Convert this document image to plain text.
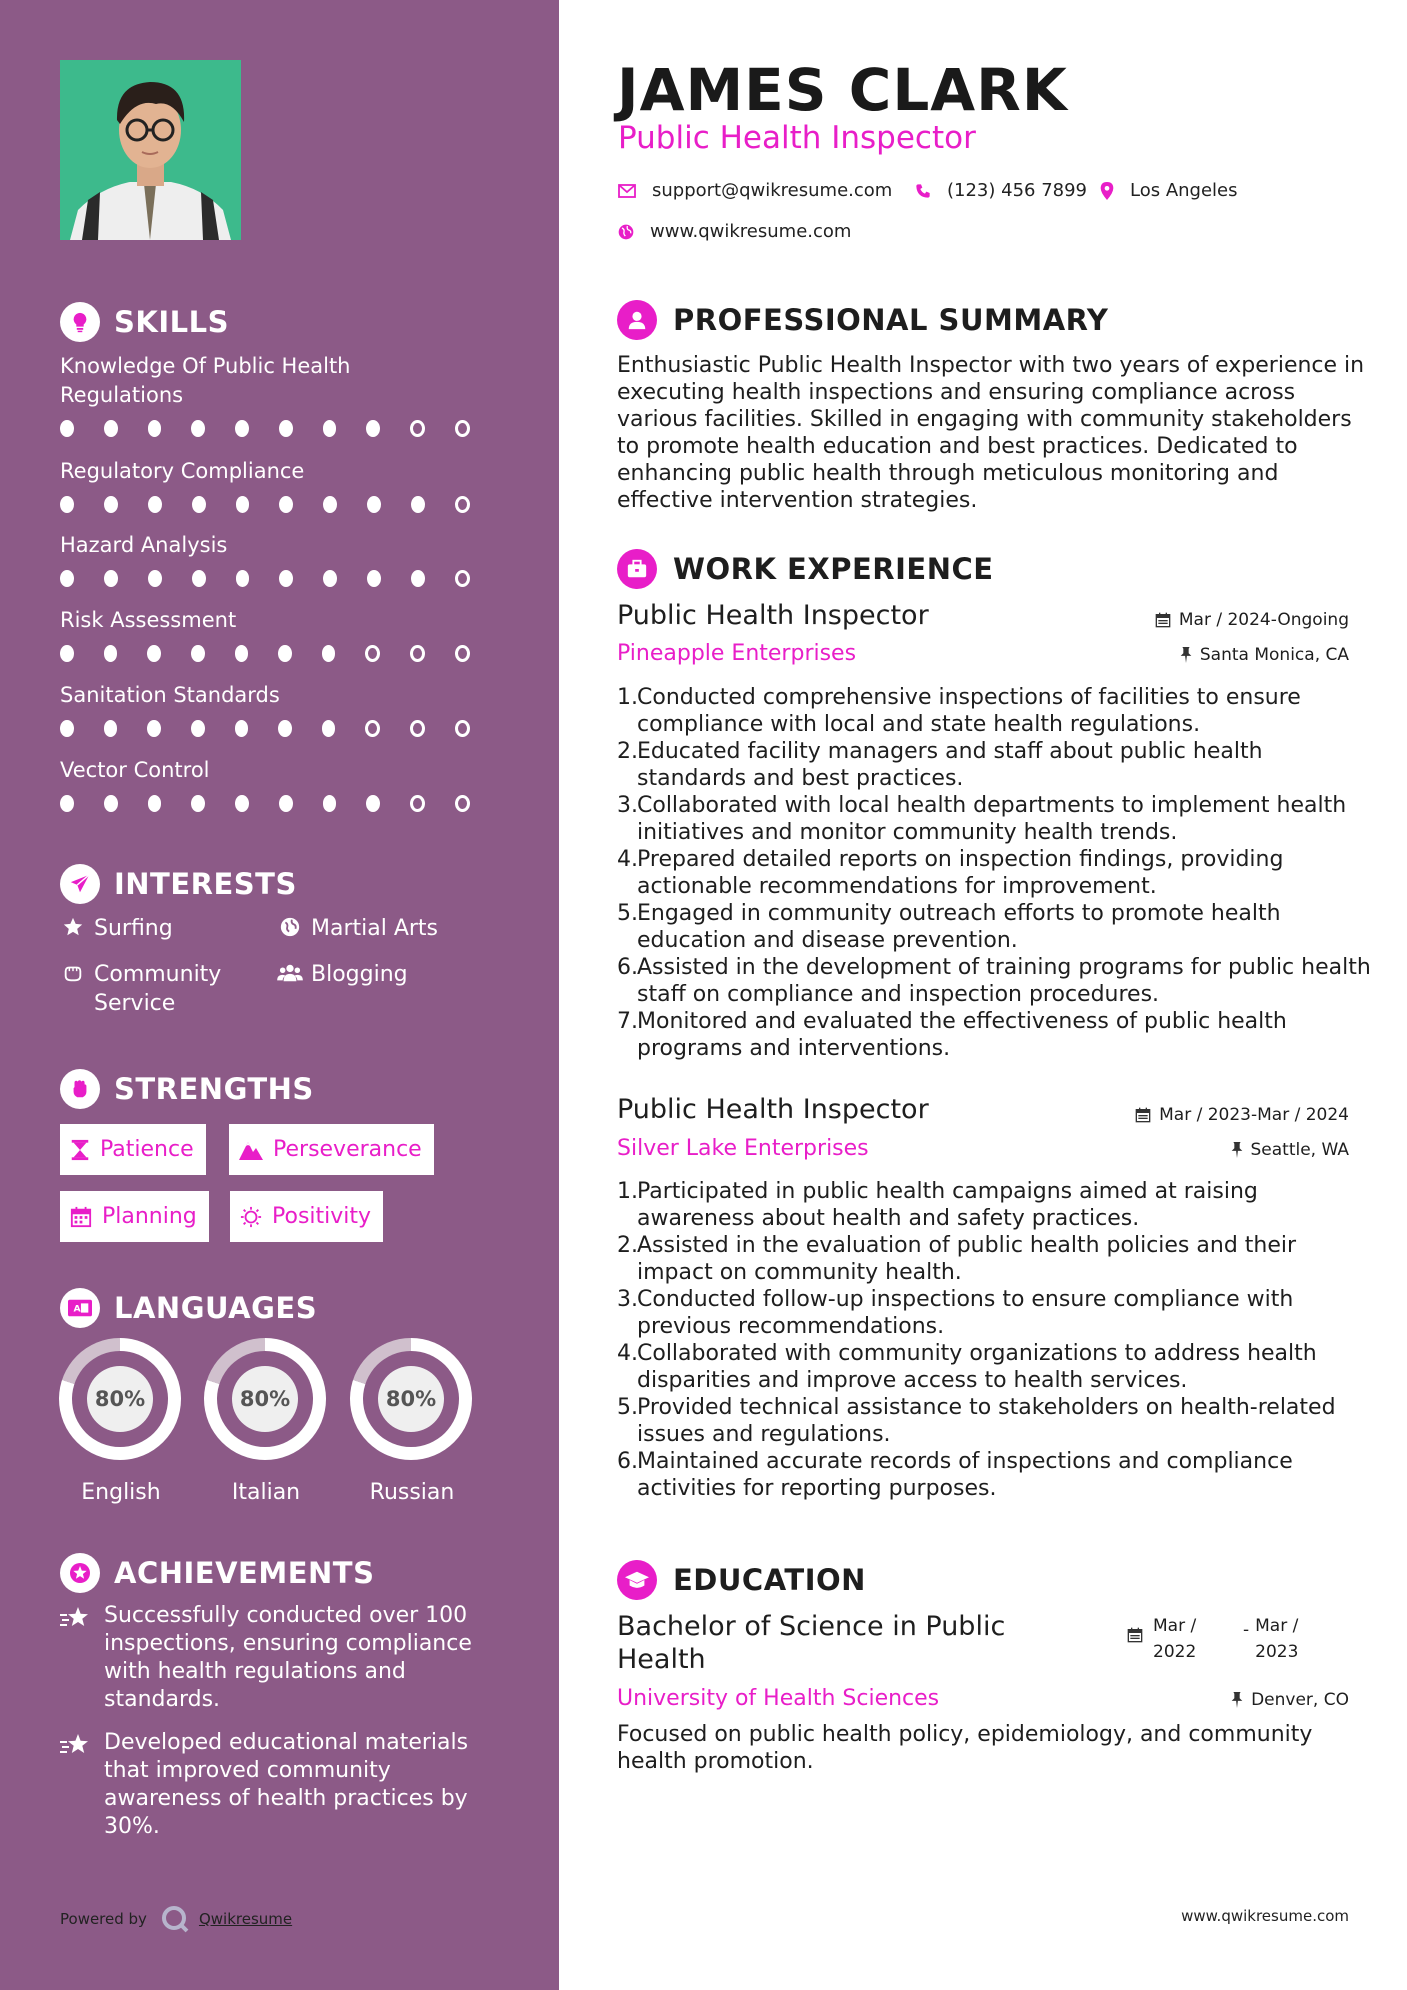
SKILLS
Knowledge Of Public Health Regulations
Regulatory Compliance
Hazard Analysis
Risk Assessment
Sanitation Standards
Vector Control
INTERESTS
Surfing	Martial Arts
Community Service
Blogging
STRENGTHS
Patience	Perseverance
Planning	Positivity
A LANGUAGES
80%
English
80%
Italian
80%
Russian
ACHIEVEMENTS
Successfully conducted over 100 inspections, ensuring compliance with health regulations and standards.
Developed educational materials that improved community awareness of health practices by 30%.
Powered by	Qwikresume
JAMES CLARK
Public Health Inspector
support@qwikresume.com	(123) 456 7899 Los Angeles
www.qwikresume.com
PROFESSIONAL SUMMARY
Enthusiastic Public Health Inspector with two years of experience in executing health inspections and ensuring compliance across various facilities. Skilled in engaging with community stakeholders to promote health education and best practices. Dedicated to enhancing public health through meticulous monitoring and effective intervention strategies.
WORK EXPERIENCE
Public Health Inspector	Mar / 2024-Ongoing
Pineapple Enterprises	Santa Monica, CA
1. Conducted comprehensive inspections of facilities to ensure compliance with local and state health regulations.
2. Educated facility managers and staff about public health standards and best practices.
3. Collaborated with local health departments to implement health initiatives and monitor community health trends.
4. Prepared detailed reports on inspection findings, providing actionable recommendations for improvement.
5. Engaged in community outreach efforts to promote health education and disease prevention.
6. Assisted in the development of training programs for public health staff on compliance and inspection procedures.
7. Monitored and evaluated the effectiveness of public health programs and interventions.
Public Health Inspector	Mar / 2023-Mar / 2024
Silver Lake Enterprises	Seattle, WA
1. Participated in public health campaigns aimed at raising awareness about health and safety practices.
2. Assisted in the evaluation of public health policies and their impact on community health.
3. Conducted follow-up inspections to ensure compliance with previous recommendations.
4. Collaborated with community organizations to address health disparities and improve access to health services.
5. Provided technical assistance to stakeholders on health-related issues and regulations.
6. Maintained accurate records of inspections and compliance activities for reporting purposes.
EDUCATION
Bachelor of Science in Public Health
Mar / 2022
- Mar / 2023
University of Health Sciences	Denver, CO
Focused on public health policy, epidemiology, and community health promotion.
www.qwikresume.com
